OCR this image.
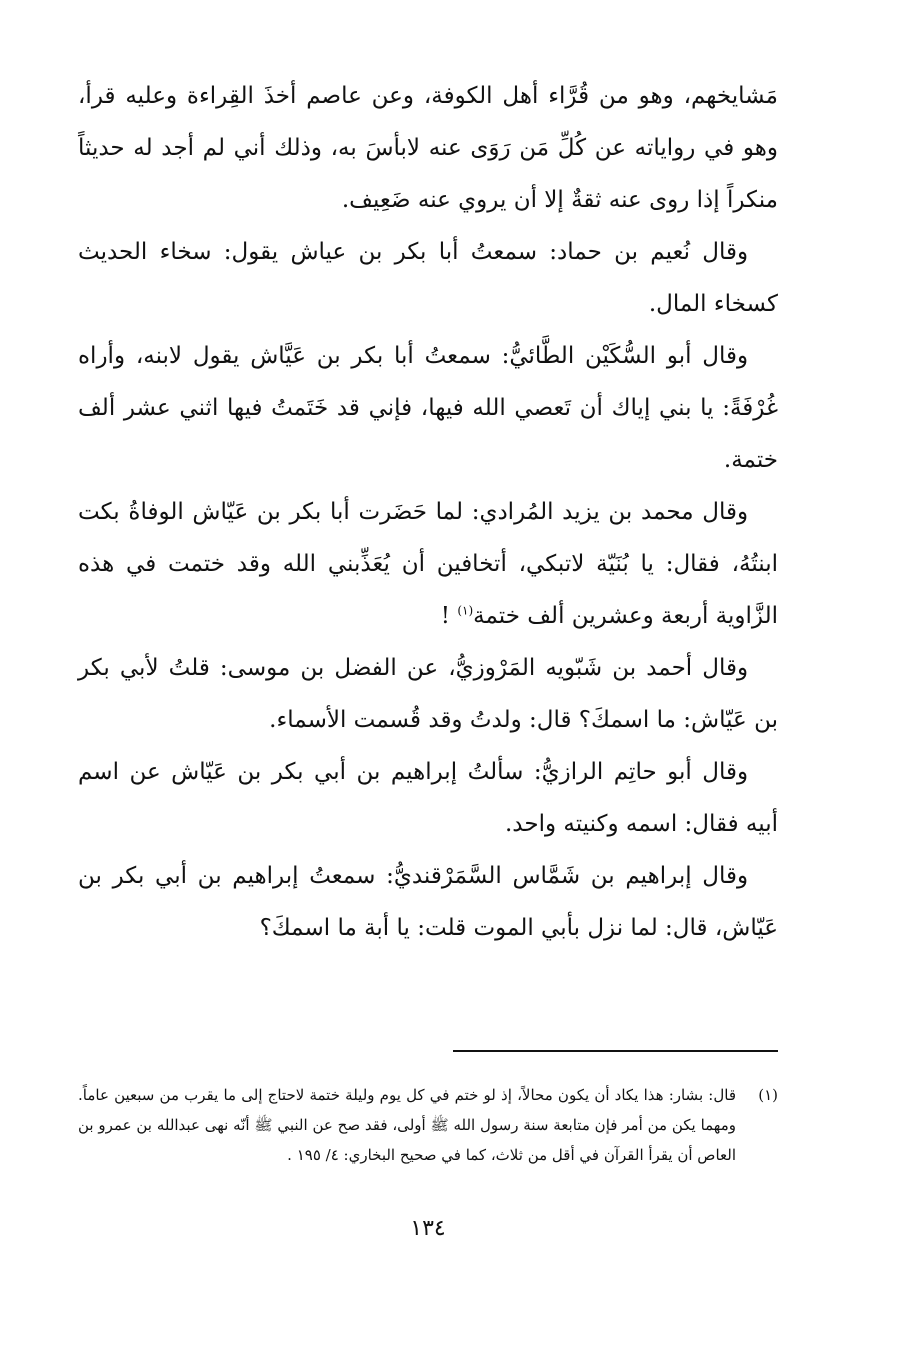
مَشايخهم، وهو من قُرَّاء أهل الكوفة، وعن عاصم أخذَ القِراءة وعليه قرأ، وهو في رواياته عن كُلِّ مَن رَوَى عنه لابأسَ به، وذلك أني لم أجد له حديثاً منكراً إذا روى عنه ثقةٌ إلا أن يروي عنه ضَعِيف.

وقال نُعيم بن حماد: سمعتُ أبا بكر بن عياش يقول: سخاء الحديث كسخاء المال.

وقال أبو السُّكَيْن الطَّائيُّ: سمعتُ أبا بكر بن عَيَّاش يقول لابنه، وأراه غُرْفَةً: يا بني إياك أن تَعصي الله فيها، فإني قد خَتَمتُ فيها اثني عشر ألف ختمة.

وقال محمد بن يزيد المُرادي: لما حَضَرت أبا بكر بن عَيّاش الوفاةُ بكت ابنتُهُ، فقال: يا بُنَيّة لاتبكي، أتخافين أن يُعَذِّبني الله وقد ختمت في هذه الزَّاوية أربعة وعشرين ألف ختمة$^{(١)}$ !

وقال أحمد بن شَبّويه المَرْوزيُّ، عن الفضل بن موسى: قلتُ لأبي بكر بن عَيّاش: ما اسمكَ؟ قال: ولدتُ وقد قُسمت الأسماء.

وقال أبو حاتِم الرازيُّ: سألتُ إبراهيم بن أبي بكر بن عَيّاش عن اسم أبيه فقال: اسمه وكنيته واحد.

وقال إبراهيم بن شَمَّاس السَّمَرْقنديُّ: سمعتُ إبراهيم بن أبي بكر بن عَيّاش، قال: لما نزل بأبي الموت قلت: يا أبة ما اسمكَ؟

(١)
قال: بشار: هذا يكاد أن يكون محالاً، إذ لو ختم في كل يوم وليلة ختمة لاحتاج إلى ما يقرب من سبعين عاماً. ومهما يكن من أمر فإن متابعة سنة رسول الله ﷺ أولى، فقد صح عن النبي ﷺ أنّه نهى عبدالله بن عمرو بن العاص أن يقرأ القرآن في أقل من ثلاث، كما في صحيح البخاري: ٤/ ١٩٥ .
١٣٤
